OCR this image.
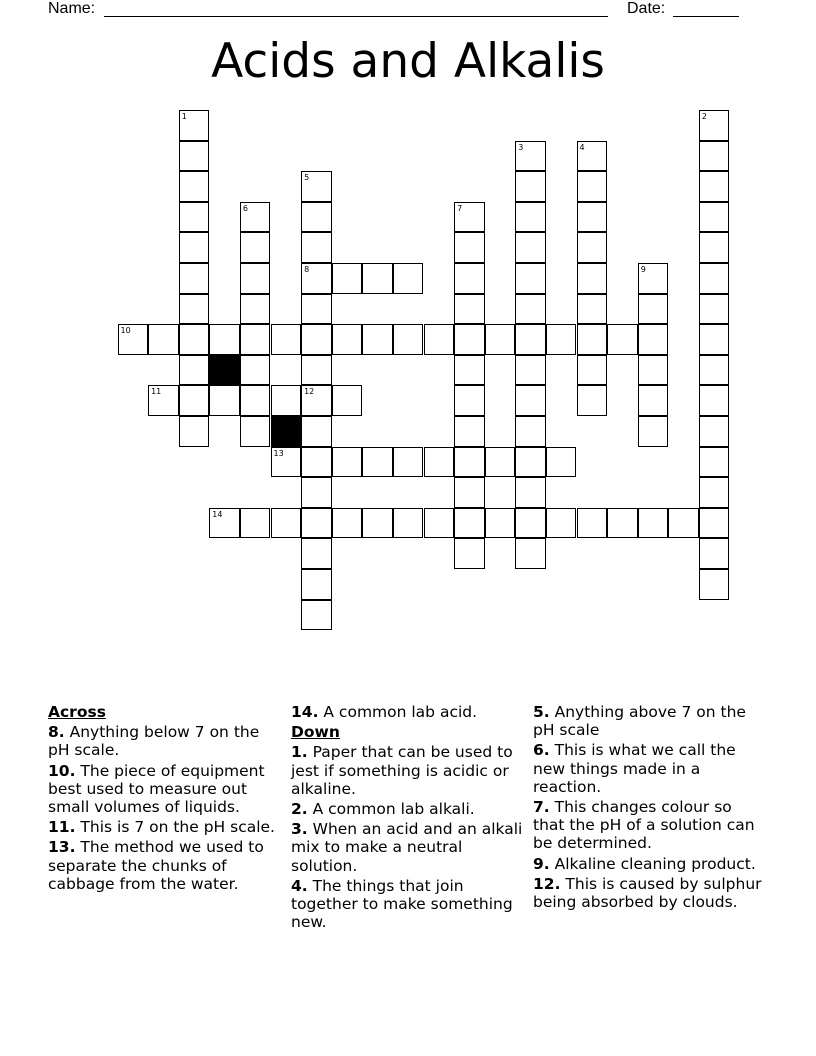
Name:	Date:
Acids and Alkalis
1	2
3	4
5
8
12
6	7
9
10
11
13
14
Across
8. Anything below 7 on the pH scale.
10. The piece of equipment best used to measure out small volumes of liquids.
11. This is 7 on the pH scale.
13. The method we used to separate the chunks of cabbage from the water.
14. A common lab acid.
Down
1. Paper that can be used to jest if something is acidic or alkaline.
2. A common lab alkali.
3. When an acid and an alkali mix to make a neutral solution.
4. The things that join together to make something new.
5. Anything above 7 on the pH scale
6. This is what we call the new things made in a reaction.
7. This changes colour so that the pH of a solution can be determined.
9. Alkaline cleaning product.
12. This is caused by sulphur being absorbed by clouds.
